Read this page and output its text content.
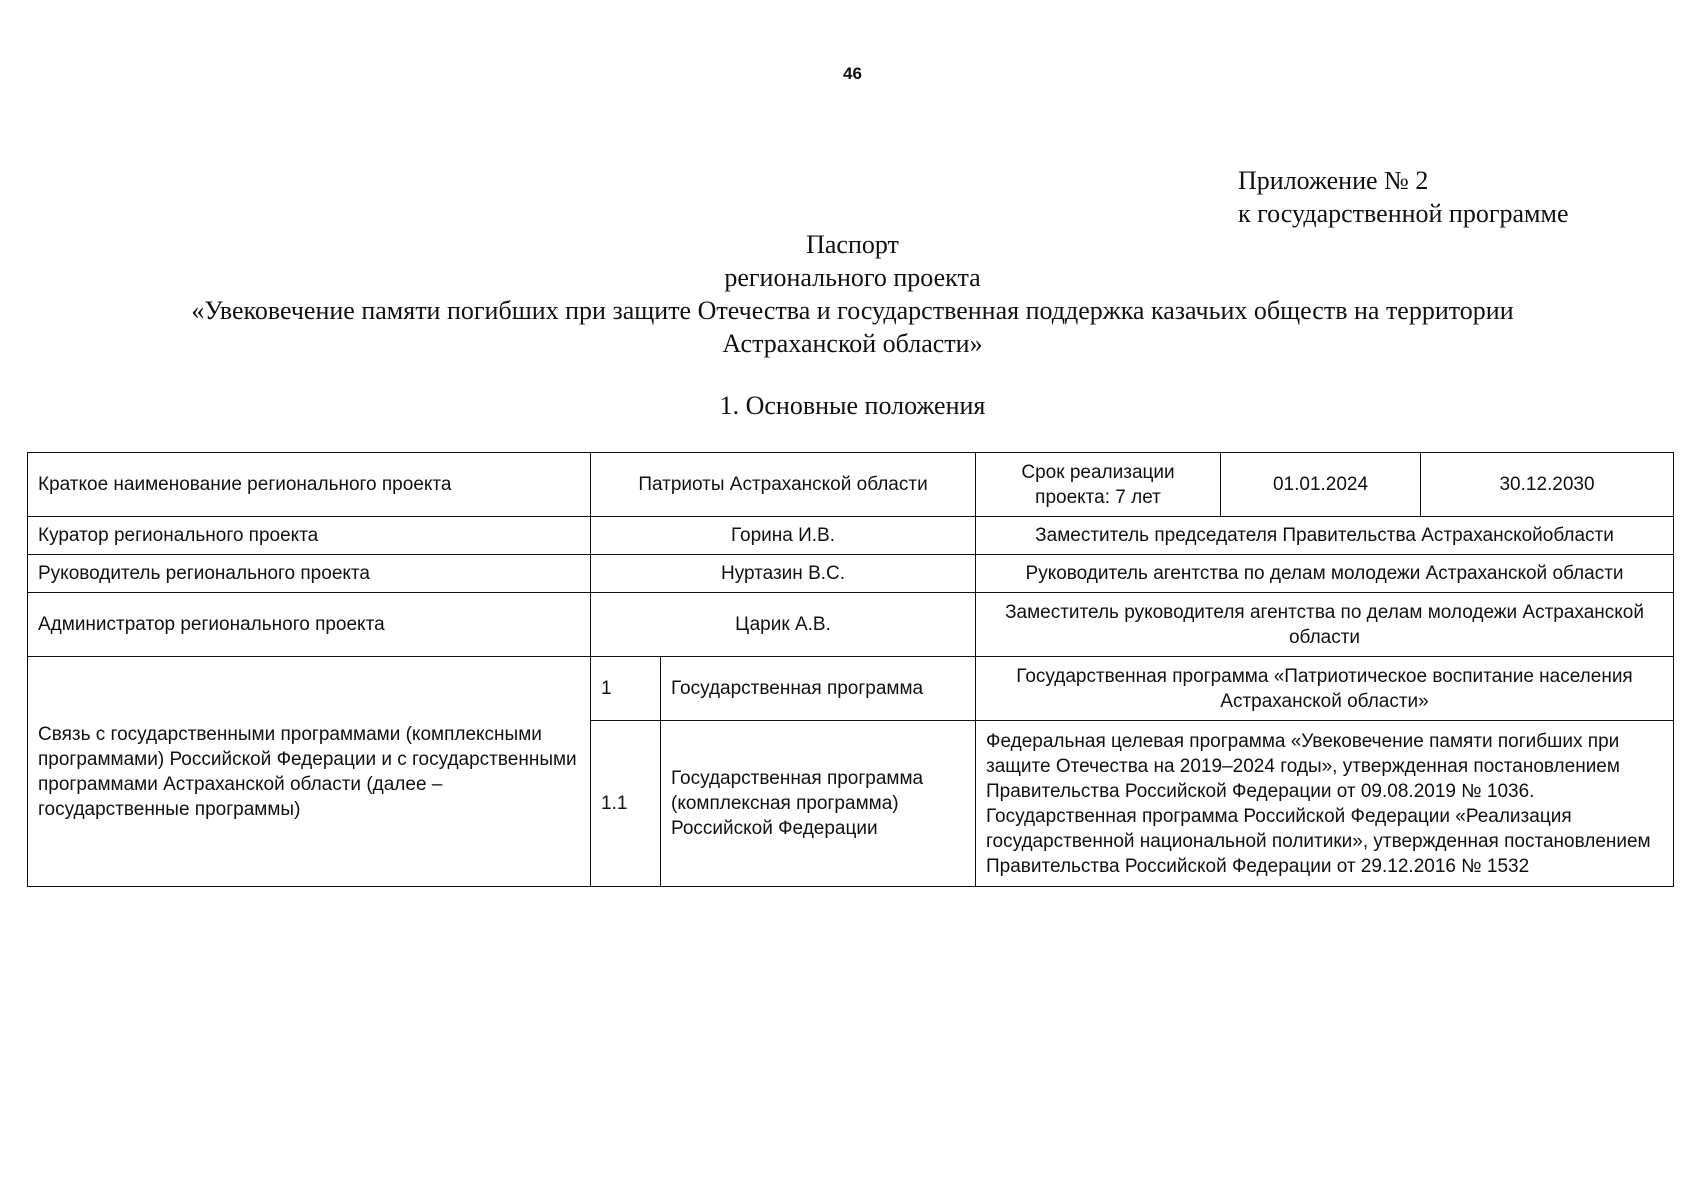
46
Приложение № 2
к государственной программе
Паспорт
регионального проекта
«Увековечение памяти погибших при защите Отечества и государственная поддержка казачьих обществ на территории
Астраханской области»
1. Основные положения
Краткое наименование регионального проекта	Патриоты Астраханской области		Срок реализации проекта: 7 лет	01.01.2024	30.12.2030
Куратор регионального проекта	Горина И.В.		Заместитель председателя Правительства Астраханскойобласти		
Руководитель регионального проекта	Нуртазин В.С.		Руководитель агентства по делам молодежи Астраханской области		
Администратор регионального проекта	Царик А.В.		Заместитель руководителя агентства по делам молодежи Астраханской области		
Связь с государственными программами (комплексными программами) Российской Федерации и с государственными программами Астраханской области (далее – государственные программы)	1	Государственная программа	Государственная программа «Патриотическое воспитание населения Астраханской области»		
	1.1	Государственная программа (комплексная программа) Российской Федерации	Федеральная целевая программа «Увековечение памяти погибших при защите Отечества на 2019–2024 годы», утвержденная постановлением Правительства Российской Федерации от 09.08.2019 № 1036. Государственная программа Российской Федерации «Реализация государственной национальной политики», утвержденная постановлением Правительства Российской Федерации от 29.12.2016 № 1532		
